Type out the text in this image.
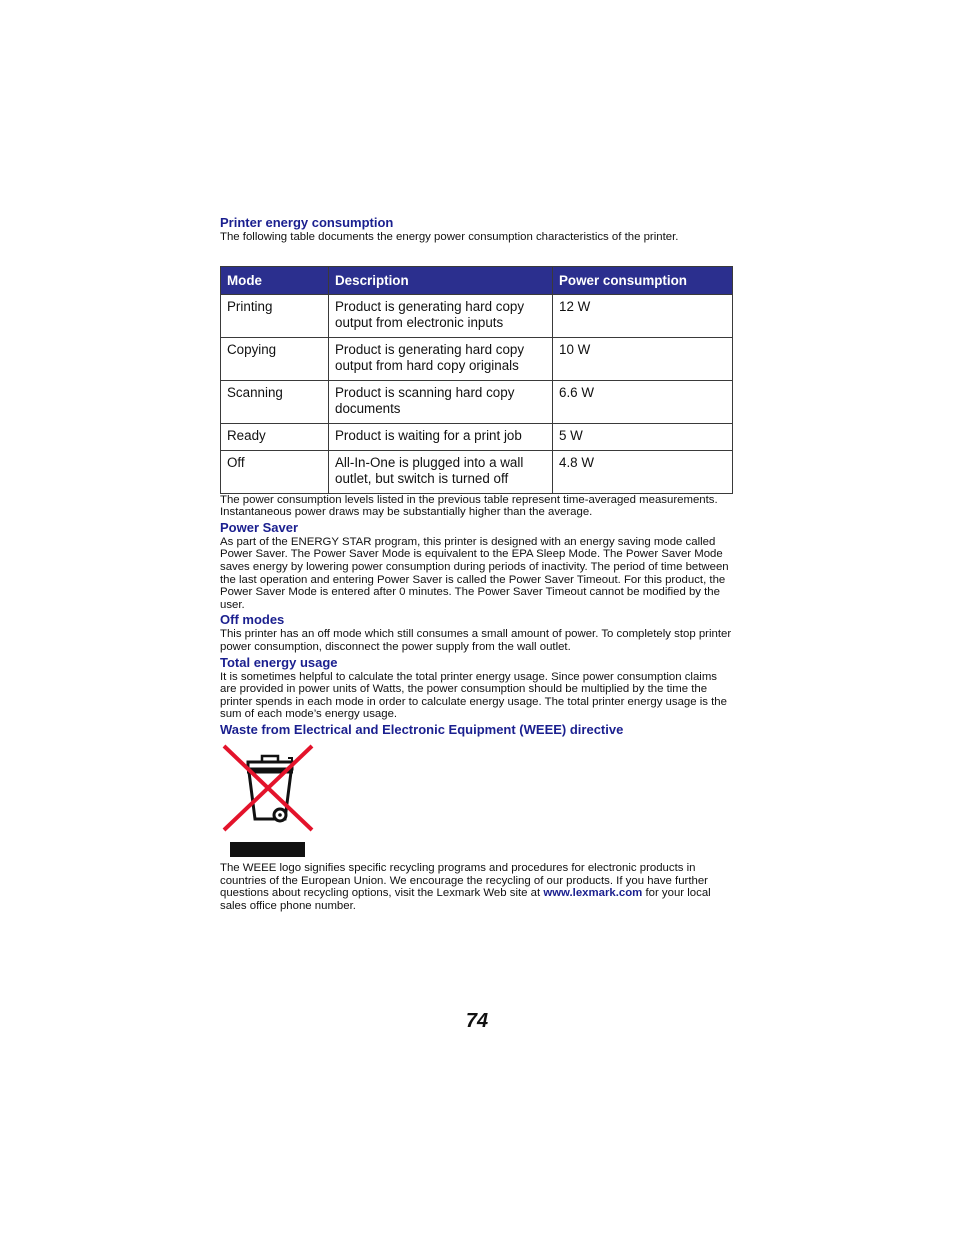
Printer energy consumption

The following table documents the energy power consumption characteristics of the printer.

Mode	Description	Power consumption
Printing	Product is generating hard copy output from electronic inputs	12 W
Copying	Product is generating hard copy output from hard copy originals	10 W
Scanning	Product is scanning hard copy documents	6.6 W
Ready	Product is waiting for a print job	5 W
Off	All-In-One is plugged into a wall outlet, but switch is turned off	4.8 W

The power consumption levels listed in the previous table represent time-averaged measurements. Instantaneous power draws may be substantially higher than the average.

Power Saver

As part of the ENERGY STAR program, this printer is designed with an energy saving mode called Power Saver. The Power Saver Mode is equivalent to the EPA Sleep Mode. The Power Saver Mode saves energy by lowering power consumption during periods of inactivity. The period of time between the last operation and entering Power Saver is called the Power Saver Timeout. For this product, the Power Saver Mode is entered after 0 minutes. The Power Saver Timeout cannot be modified by the user.

Off modes

This printer has an off mode which still consumes a small amount of power. To completely stop printer power consumption, disconnect the power supply from the wall outlet.

Total energy usage

It is sometimes helpful to calculate the total printer energy usage. Since power consumption claims are provided in power units of Watts, the power consumption should be multiplied by the time the printer spends in each mode in order to calculate energy usage. The total printer energy usage is the sum of each mode’s energy usage.

Waste from Electrical and Electronic Equipment (WEEE) directive

The WEEE logo signifies specific recycling programs and procedures for electronic products in countries of the European Union. We encourage the recycling of our products. If you have further questions about recycling options, visit the Lexmark Web site at www.lexmark.com for your local sales office phone number.

74
